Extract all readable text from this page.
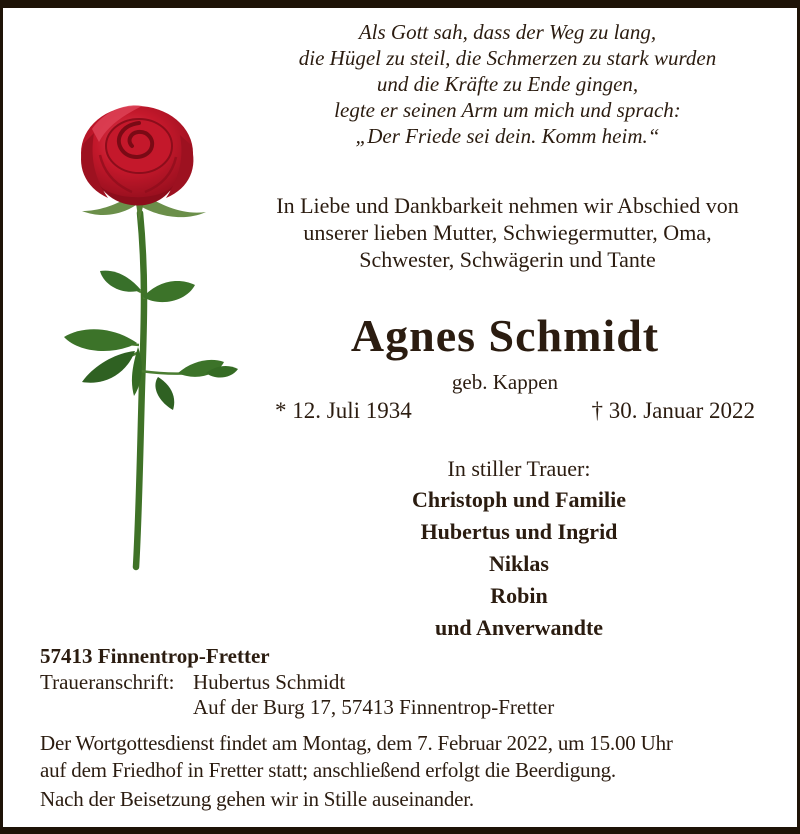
Als Gott sah, dass der Weg zu lang,
die Hügel zu steil, die Schmerzen zu stark wurden
und die Kräfte zu Ende gingen,
legte er seinen Arm um mich und sprach:
„Der Friede sei dein. Komm heim.“
In Liebe und Dankbarkeit nehmen wir Abschied von
unserer lieben Mutter, Schwiegermutter, Oma,
Schwester, Schwägerin und Tante
Agnes Schmidt
geb. Kappen
* 12. Juli 1934	† 30. Januar 2022
In stiller Trauer:
Christoph und Familie
Hubertus und Ingrid
Niklas
Robin
und Anverwandte
57413 Finnentrop-Fretter
Traueranschrift: Hubertus Schmidt
Auf der Burg 17, 57413 Finnentrop-Fretter
Der Wortgottesdienst findet am Montag, dem 7. Februar 2022, um 15.00 Uhr
auf dem Friedhof in Fretter statt; anschließend erfolgt die Beerdigung.
Nach der Beisetzung gehen wir in Stille auseinander.
